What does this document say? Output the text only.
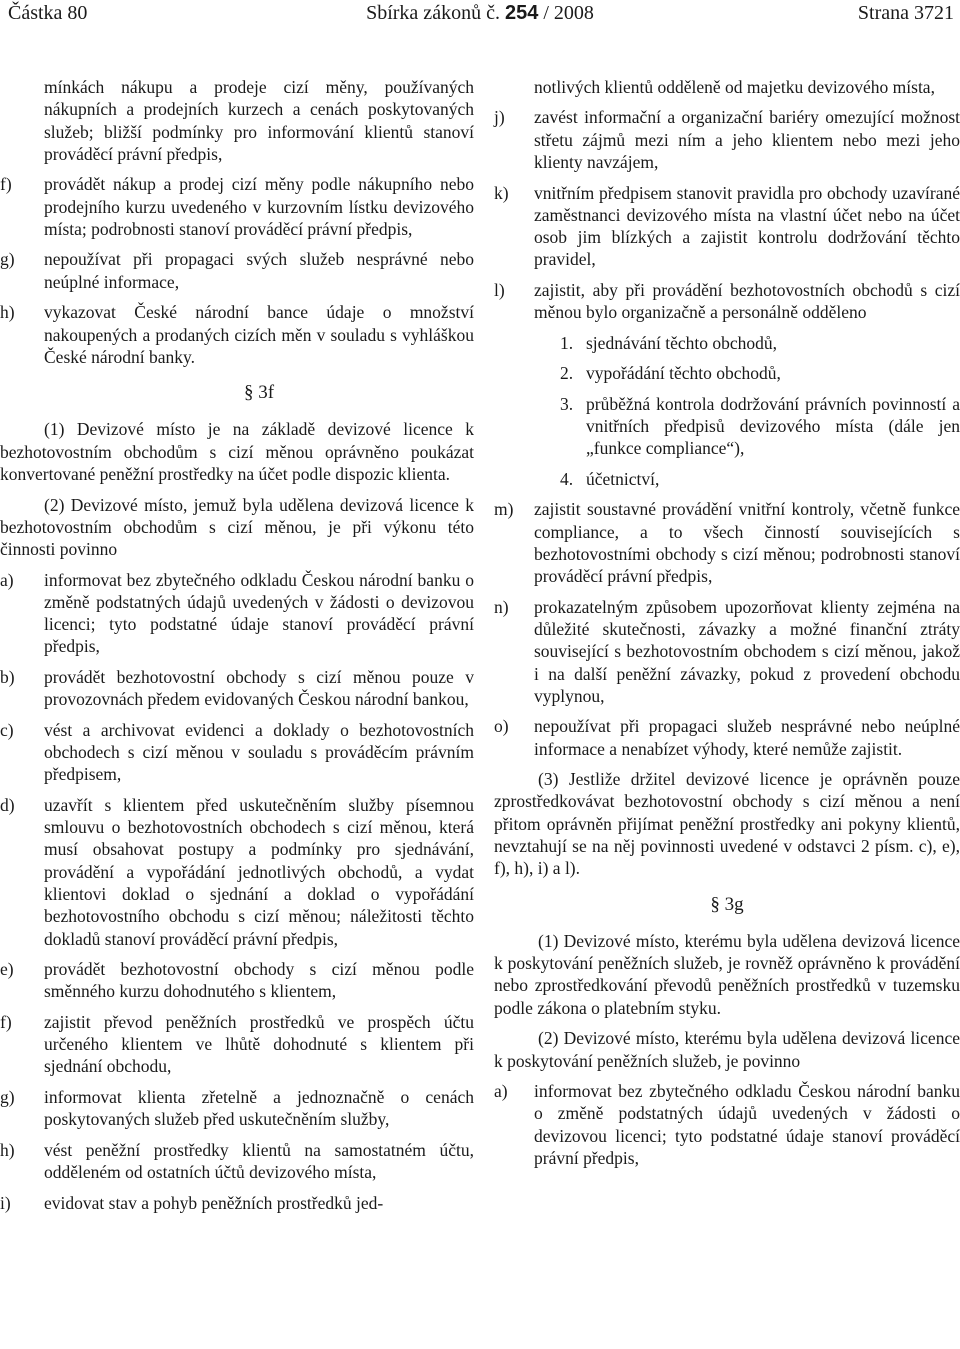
Částka 80	Sbírka zákonů č. 254 / 2008	Strana 3721

mínkách nákupu a prodeje cizí měny, používaných nákupních a prodejních kurzech a cenách poskytovaných služeb; bližší podmínky pro informování klientů stanoví prováděcí právní předpis,

f)	provádět nákup a prodej cizí měny podle nákupního nebo prodejního kurzu uvedeného v kurzovním lístku devizového místa; podrobnosti stanoví prováděcí právní předpis,
g)	nepoužívat při propagaci svých služeb nesprávné nebo neúplné informace,
h)	vykazovat České národní bance údaje o množství nakoupených a prodaných cizích měn v souladu s vyhláškou České národní banky.
§ 3f

(1) Devizové místo je na základě devizové licence k bezhotovostním obchodům s cizí měnou oprávněno poukázat konvertované peněžní prostředky na účet podle dispozic klienta.

(2) Devizové místo, jemuž byla udělena devizová licence k bezhotovostním obchodům s cizí měnou, je při výkonu této činnosti povinno

a)	informovat bez zbytečného odkladu Českou národní banku o změně podstatných údajů uvedených v žádosti o devizovou licenci; tyto podstatné údaje stanoví prováděcí právní předpis,
b)	provádět bezhotovostní obchody s cizí měnou pouze v provozovnách předem evidovaných Českou národní bankou,
c)	vést a archivovat evidenci a doklady o bezhotovostních obchodech s cizí měnou v souladu s prováděcím právním předpisem,
d)	uzavřít s klientem před uskutečněním služby písemnou smlouvu o bezhotovostních obchodech s cizí měnou, která musí obsahovat postupy a podmínky pro sjednávání, provádění a vypořádání jednotlivých obchodů, a vydat klientovi doklad o sjednání a doklad o vypořádání bezhotovostního obchodu s cizí měnou; náležitosti těchto dokladů stanoví prováděcí právní předpis,
e)	provádět bezhotovostní obchody s cizí měnou podle směnného kurzu dohodnutého s klientem,
f)	zajistit převod peněžních prostředků ve prospěch účtu určeného klientem ve lhůtě dohodnuté s klientem při sjednání obchodu,
g)	informovat klienta zřetelně a jednoznačně o cenách poskytovaných služeb před uskutečněním služby,
h)	vést peněžní prostředky klientů na samostatném účtu, odděleném od ostatních účtů devizového místa,
i)	evidovat stav a pohyb peněžních prostředků jed-

notlivých klientů odděleně od majetku devizového místa,

j)	zavést informační a organizační bariéry omezující možnost střetu zájmů mezi ním a jeho klientem nebo mezi jeho klienty navzájem,
k)	vnitřním předpisem stanovit pravidla pro obchody uzavírané zaměstnanci devizového místa na vlastní účet nebo na účet osob jim blízkých a zajistit kontrolu dodržování těchto pravidel,
l)	zajistit, aby při provádění bezhotovostních obchodů s cizí měnou bylo organizačně a personálně odděleno
1. sjednávání těchto obchodů,
2. vypořádání těchto obchodů,
3. průběžná kontrola dodržování právních povinností a vnitřních předpisů devizového místa (dále jen „funkce compliance“),
4. účetnictví,
m)	zajistit soustavné provádění vnitřní kontroly, včetně funkce compliance, a to všech činností souvisejících s bezhotovostními obchody s cizí měnou; podrobnosti stanoví prováděcí právní předpis,
n)	prokazatelným způsobem upozorňovat klienty zejména na důležité skutečnosti, závazky a možné finanční ztráty související s bezhotovostním obchodem s cizí měnou, jakož i na další peněžní závazky, pokud z provedení obchodu vyplynou,
o)	nepoužívat při propagaci služeb nesprávné nebo neúplné informace a nenabízet výhody, které nemůže zajistit.

(3) Jestliže držitel devizové licence je oprávněn pouze zprostředkovávat bezhotovostní obchody s cizí měnou a není přitom oprávněn přijímat peněžní prostředky ani pokyny klientů, nevztahují se na něj povinnosti uvedené v odstavci 2 písm. c), e), f), h), i) a l).

§ 3g

(1) Devizové místo, kterému byla udělena devizová licence k poskytování peněžních služeb, je rovněž oprávněno k provádění nebo zprostředkování převodů peněžních prostředků v tuzemsku podle zákona o platebním styku.

(2) Devizové místo, kterému byla udělena devizová licence k poskytování peněžních služeb, je povinno

a)	informovat bez zbytečného odkladu Českou národní banku o změně podstatných údajů uvedených v žádosti o devizovou licenci; tyto podstatné údaje stanoví prováděcí právní předpis,
